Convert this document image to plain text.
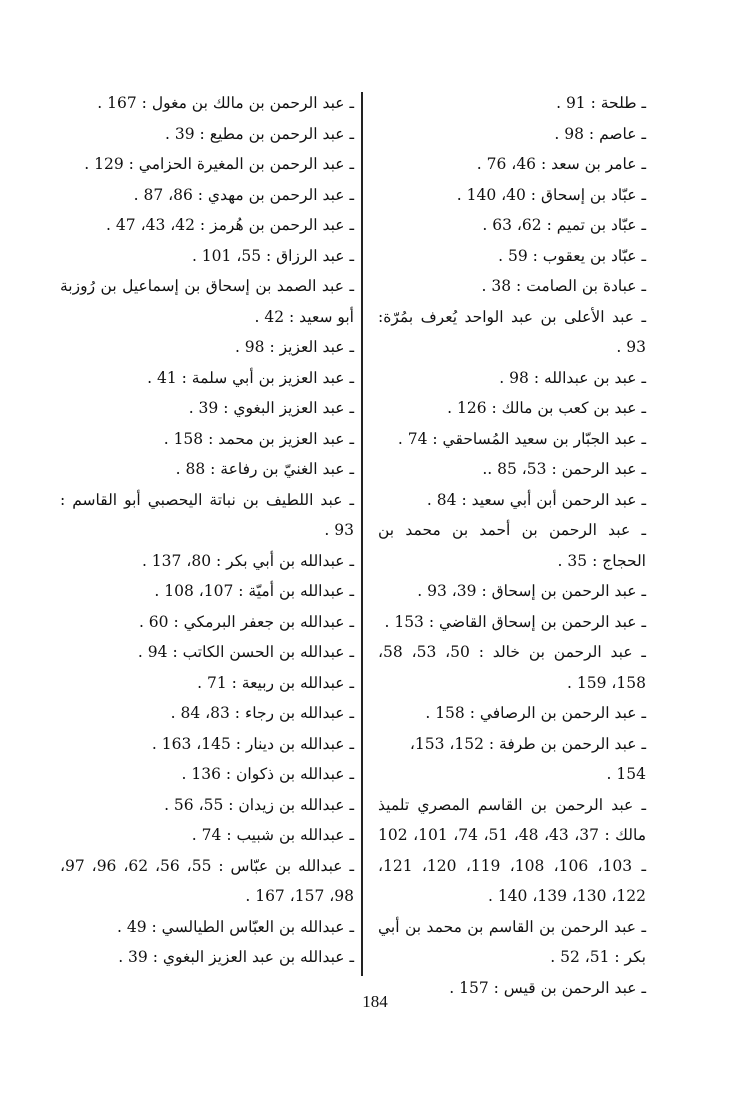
ـ طلحة : 91 .
ـ عاصم : 98 .
ـ عامر بن سعد : 46، 76 .
ـ عبّاد بن إسحاق : 40، 140 .
ـ عبّاد بن تميم : 62، 63 .
ـ عبّاد بن يعقوب : 59 .
ـ عبادة بن الصامت : 38 .
ـ عبد الأعلى بن عبد الواحد يُعرف بمُرّة: 93 .
ـ عبد بن عبدالله : 98 .
ـ عبد بن كعب بن مالك : 126 .
ـ عبد الجبّار بن سعيد المُساحقي : 74 .
ـ عبد الرحمن : 53، 85 ..
ـ عبد الرحمن أبن أبي سعيد : 84 .
ـ عبد الرحمن بن أحمد بن محمد بن الحجاج : 35 .
ـ عبد الرحمن بن إسحاق : 39، 93 .
ـ عبد الرحمن بن إسحاق القاضي : 153 .
ـ عبد الرحمن بن خالد : 50، 53، 58، 158، 159 .
ـ عبد الرحمن بن الرصافي : 158 .
ـ عبد الرحمن بن طرفة : 152، 153، 154 .
ـ عبد الرحمن بن القاسم المصري تلميذ مالك : 37، 43، 48، 51، 74، 101، 102 ـ 103، 106، 108، 119، 120، 121، 122، 130، 139، 140 .
ـ عبد الرحمن بن القاسم بن محمد بن أبي بكر : 51، 52 .
ـ عبد الرحمن بن قيس : 157 .
ـ عبد الرحمن بن مالك بن مغول : 167 .
ـ عبد الرحمن بن مطيع : 39 .
ـ عبد الرحمن بن المغيرة الحزامي : 129 .
ـ عبد الرحمن بن مهدي : 86، 87 .
ـ عبد الرحمن بن هُرمز : 42، 43، 47 .
ـ عبد الرزاق : 55، 101 .
ـ عبد الصمد بن إسحاق بن إسماعيل بن رُوزبة أبو سعيد : 42 .
ـ عبد العزيز : 98 .
ـ عبد العزيز بن أبي سلمة : 41 .
ـ عبد العزيز البغوي : 39 .
ـ عبد العزيز بن محمد : 158 .
ـ عبد الغنيّ بن رفاعة : 88 .
ـ عبد اللطيف بن نباتة اليحصبي أبو القاسم : 93 .
ـ عبدالله بن أبي بكر : 80، 137 .
ـ عبدالله بن أميّة : 107، 108 .
ـ عبدالله بن جعفر البرمكي : 60 .
ـ عبدالله بن الحسن الكاتب : 94 .
ـ عبدالله بن ربيعة : 71 .
ـ عبدالله بن رجاء : 83، 84 .
ـ عبدالله بن دينار : 145، 163 .
ـ عبدالله بن ذكوان : 136 .
ـ عبدالله بن زيدان : 55، 56 .
ـ عبدالله بن شبيب : 74 .
ـ عبدالله بن عبّاس : 55، 56، 62، 96، 97، 98، 157، 167 .
ـ عبدالله بن العبّاس الطيالسي : 49 .
ـ عبدالله بن عبد العزيز البغوي : 39 .
184
